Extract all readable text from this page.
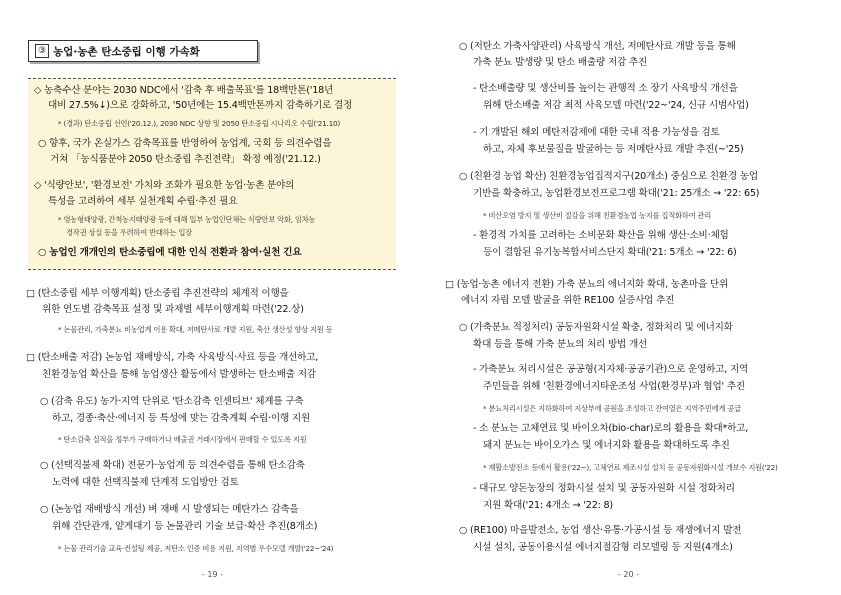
③ 농업·농촌 탄소중립 이행 가속화
◇ 농축수산 분야는 2030 NDC에서 '감축 후 배출목표'를 18백만톤('18년
대비 27.5%↓)으로 강화하고, '50년에는 15.4백만톤까지 감축하기로 결정
* (경과) 탄소중립 선언('20.12.), 2030 NDC 상향 및 2050 탄소중립 시나리오 수립('21.10)
○ 향후, 국가 온실가스 감축목표를 반영하여 농업계, 국회 등 의견수렴을
거쳐 「농식품분야 2050 탄소중립 추진전략」 확정 예정('21.12.)
◇ '식량안보', '환경보전' 가치와 조화가 필요한 농업·농촌 분야의
특성을 고려하여 세부 실천계획 수립·추진 필요
* 영농형태양광, 간척농지태양광 등에 대해 일부 농업인단체는 식량안보 악화, 임차농
경작권 상실 등을 우려하여 반대하는 입장
○ 농업인 개개인의 탄소중립에 대한 인식 전환과 참여·실천 긴요
□ (탄소중립 세부 이행계획) 탄소중립 추진전략의 체계적 이행을
위한 연도별 감축목표 설정 및 과제별 세부이행계획 마련('22.상)
* 논물관리, 가축분뇨 비농업계 이용 확대, 저메탄사료 개발 지원, 축산 생산성 향상 지원 등
□ (탄소배출 저감) 논농업 재배방식, 가축 사육방식·사료 등을 개선하고,
친환경농업 확산을 통해 농업생산 활동에서 발생하는 탄소배출 저감
○ (감축 유도) 농가·지역 단위로 '탄소감축 인센티브' 체계를 구축
하고, 경종·축산·에너지 등 특성에 맞는 감축계획 수립·이행 지원
* 탄소감축 실적을 정부가 구매하거나 배출권 거래시장에서 판매할 수 있도록 지원
○ (선택직불제 확대) 전문가·농업계 등 의견수렴을 통해 탄소감축
노력에 대한 선택직불제 단계적 도입방안 검토
○ (논농업 재배방식 개선) 벼 재배 시 발생되는 메탄가스 감축을
위해 간단관개, 얕게대기 등 논물관리 기술 보급·확산 추진(8개소)
* 논물 관리기술 교육·컨설팅 제공, 저탄소 인증 비용 지원, 지역별 우수모델 개발('22~'24)
- 19 -
○ (저탄소 가축사양관리) 사육방식 개선, 저메탄사료 개발 등을 통해
가축 분뇨 발생량 및 탄소 배출량 저감 추진
- 탄소배출량 및 생산비를 높이는 관행적 소 장기 사육방식 개선을
위해 탄소배출 저감 최적 사육모델 마련('22~'24, 신규 시범사업)
- 기 개발된 해외 메탄저감제에 대한 국내 적용 가능성을 검토
하고, 자체 후보물질을 발굴하는 등 저메탄사료 개발 추진(~'25)
○ (친환경 농업 확산) 친환경농업집적지구(20개소) 중심으로 친환경 농업
기반을 확충하고, 농업환경보전프로그램 확대('21: 25개소 → '22: 65)
* 비산오염 방지 및 생산비 절감을 위해 친환경농업 농지를 집적화하여 관리
- 환경적 가치를 고려하는 소비문화 확산을 위해 생산·소비·체험
등이 결합된 유기농복합서비스단지 확대('21: 5개소 → '22: 6)
□ (농업·농촌 에너지 전환) 가축 분뇨의 에너지화 확대, 농촌마을 단위
에너지 자립 모델 발굴을 위한 RE100 실증사업 추진
○ (가축분뇨 적정처리) 공동자원화시설 확충, 정화처리 및 에너지화
확대 등을 통해 가축 분뇨의 처리 방법 개선
- 가축분뇨 처리시설은 공공형(지자체·공공기관)으로 운영하고, 지역
주민들을 위해 '친환경에너지타운조성 사업(환경부)과 협업' 추진
* 분뇨처리시설은 지하화하여 지상부에 공원을 조성하고 잔여열은 지역주민에게 공급
- 소 분뇨는 고체연료 및 바이오차(bio-char)로의 활용을 확대*하고,
돼지 분뇨는 바이오가스 및 에너지화 활용을 확대하도록 추진
* 재활소발전소 등에서 활용('22~), 고체연료 제조시설 설치 등 공동자원화시설 개보수 지원('22)
- 대규모 양돈농장의 정화시설 설치 및 공동자원화 시설 정화처리
지원 확대('21: 4개소 → '22: 8)
○ (RE100) 마을발전소, 농업 생산·유통·가공시설 등 재생에너지 발전
시설 설치, 공동이용시설 에너지절감형 리모델링 등 지원(4개소)
- 20 -
